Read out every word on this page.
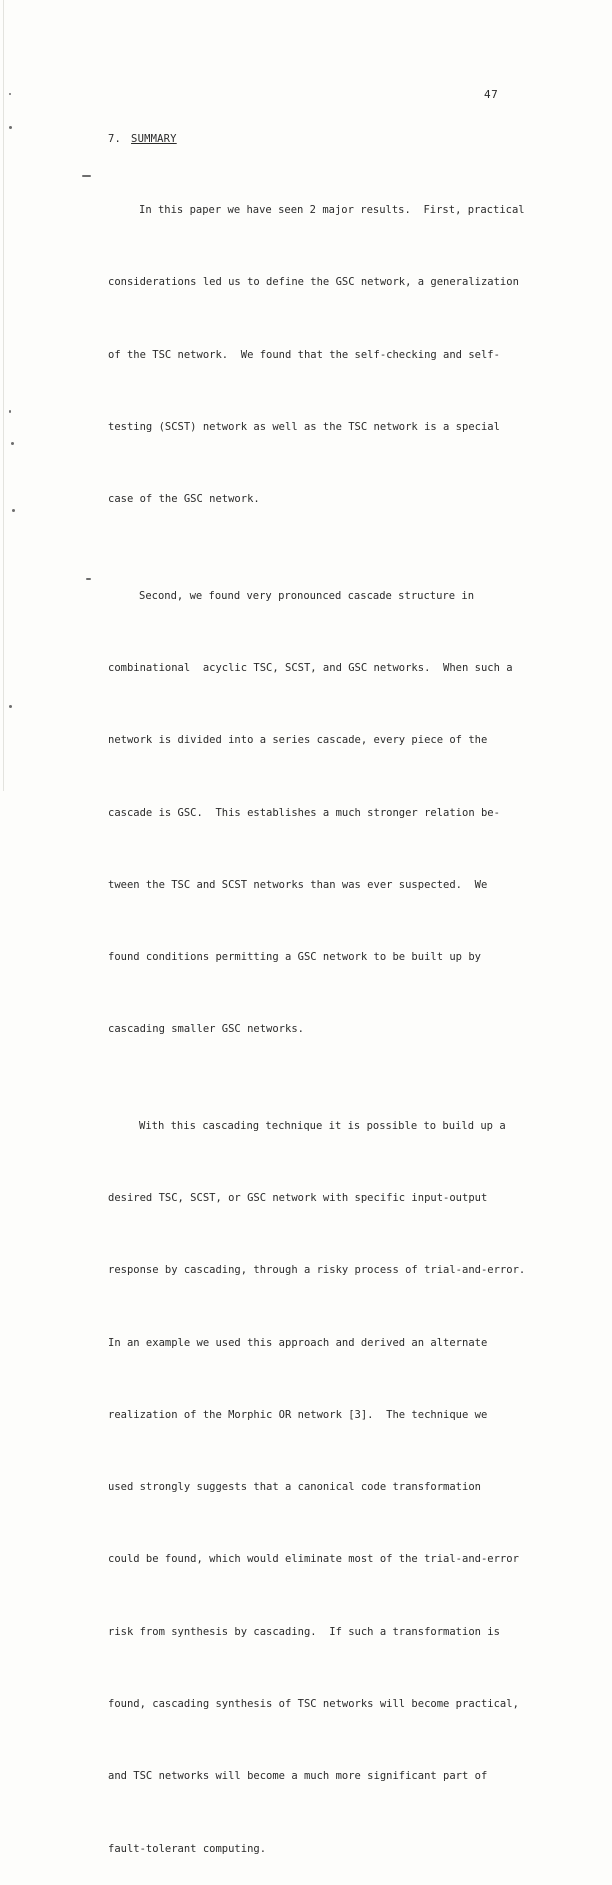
47
7. SUMMARY

In this paper we have seen 2 major results.  First, practical

considerations led us to define the GSC network, a generalization

of the TSC network.  We found that the self-checking and self-

testing (SCST) network as well as the TSC network is a special

case of the GSC network.

Second, we found very pronounced cascade structure in

combinational  acyclic TSC, SCST, and GSC networks.  When such a

network is divided into a series cascade, every piece of the

cascade is GSC.  This establishes a much stronger relation be-

tween the TSC and SCST networks than was ever suspected.  We

found conditions permitting a GSC network to be built up by

cascading smaller GSC networks.

With this cascading technique it is possible to build up a

desired TSC, SCST, or GSC network with specific input-output

response by cascading, through a risky process of trial-and-error.

In an example we used this approach and derived an alternate

realization of the Morphic OR network [3].  The technique we

used strongly suggests that a canonical code transformation

could be found, which would eliminate most of the trial-and-error

risk from synthesis by cascading.  If such a transformation is

found, cascading synthesis of TSC networks will become practical,

and TSC networks will become a much more significant part of

fault-tolerant computing.
